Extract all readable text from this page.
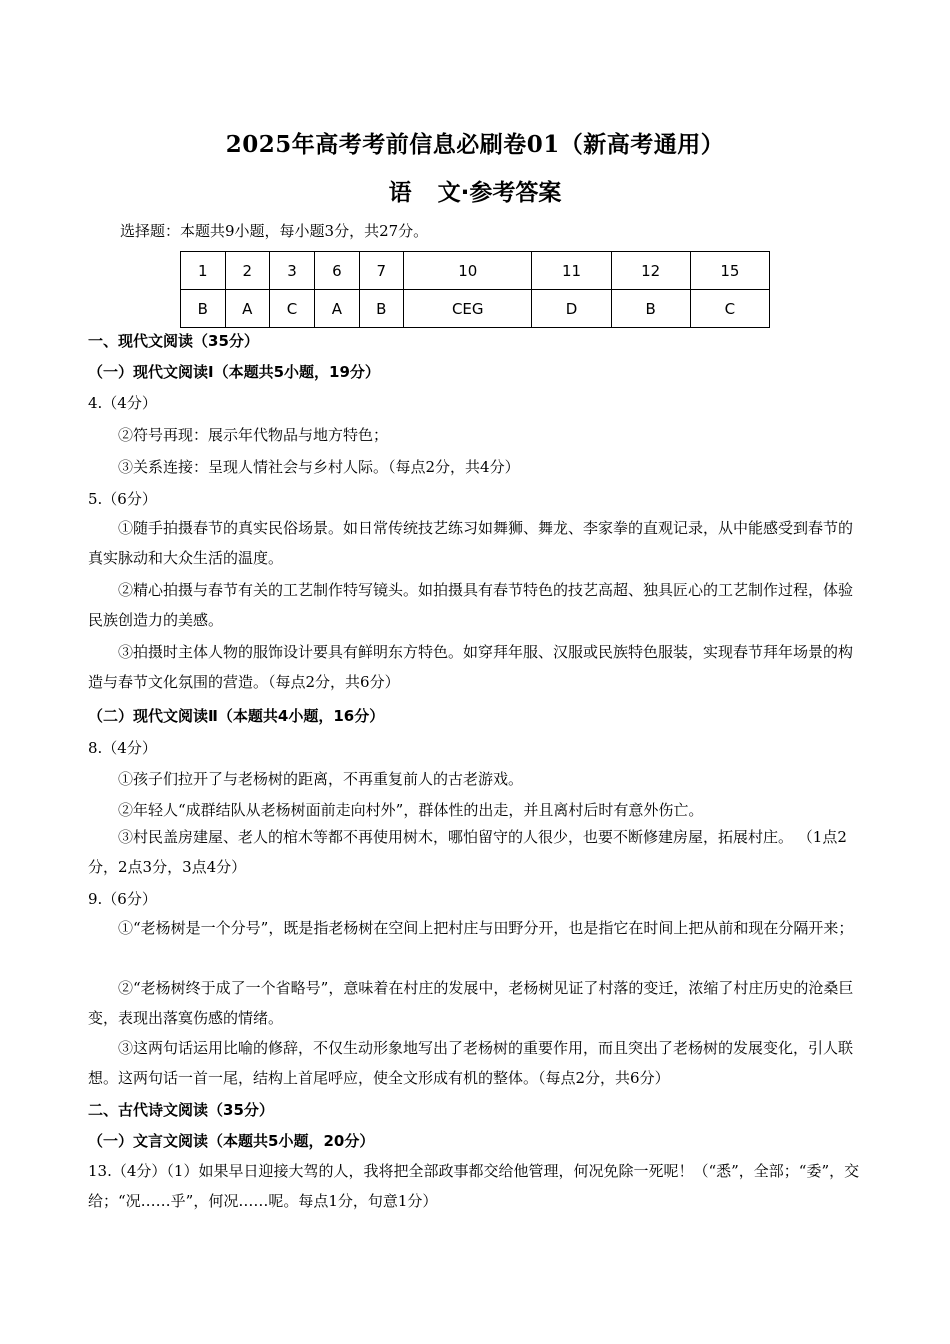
2025年高考考前信息必刷卷01（新高考通用）
语 文·参考答案
选择题：本题共9小题，每小题3分，共27分。
1	2	3	6	7	10	11	12	15
B	A	C	A	B	CEG	D	B	C
一、现代文阅读（35分）
（一）现代文阅读Ⅰ（本题共5小题，19分）
4.（4分）
②符号再现：展示年代物品与地方特色；
③关系连接：呈现人情社会与乡村人际。（每点2分，共4分）
5.（6分）
①随手拍摄春节的真实民俗场景。如日常传统技艺练习如舞狮、舞龙、李家拳的直观记录，从中能感受到春节的真实脉动和大众生活的温度。
②精心拍摄与春节有关的工艺制作特写镜头。如拍摄具有春节特色的技艺高超、独具匠心的工艺制作过程，体验民族创造力的美感。
③拍摄时主体人物的服饰设计要具有鲜明东方特色。如穿拜年服、汉服或民族特色服装，实现春节拜年场景的构造与春节文化氛围的营造。（每点2分，共6分）
（二）现代文阅读Ⅱ（本题共4小题，16分）
8.（4分）
①孩子们拉开了与老杨树的距离，不再重复前人的古老游戏。
②年轻人“成群结队从老杨树面前走向村外”，群体性的出走，并且离村后时有意外伤亡。
③村民盖房建屋、老人的棺木等都不再使用树木，哪怕留守的人很少，也要不断修建房屋，拓展村庄。 （1点2分，2点3分，3点4分）
9.（6分）
①“老杨树是一个分号”，既是指老杨树在空间上把村庄与田野分开，也是指它在时间上把从前和现在分隔开来；
②“老杨树终于成了一个省略号”，意味着在村庄的发展中，老杨树见证了村落的变迁，浓缩了村庄历史的沧桑巨变，表现出落寞伤感的情绪。
③这两句话运用比喻的修辞，不仅生动形象地写出了老杨树的重要作用，而且突出了老杨树的发展变化，引人联想。这两句话一首一尾，结构上首尾呼应，使全文形成有机的整体。（每点2分，共6分）
二、古代诗文阅读（35分）
（一）文言文阅读（本题共5小题，20分）
13.（4分）（1）如果早日迎接大驾的人，我将把全部政事都交给他管理，何况免除一死呢！（“悉”，全部；“委”，交给；“况……乎”，何况……呢。每点1分，句意1分）
